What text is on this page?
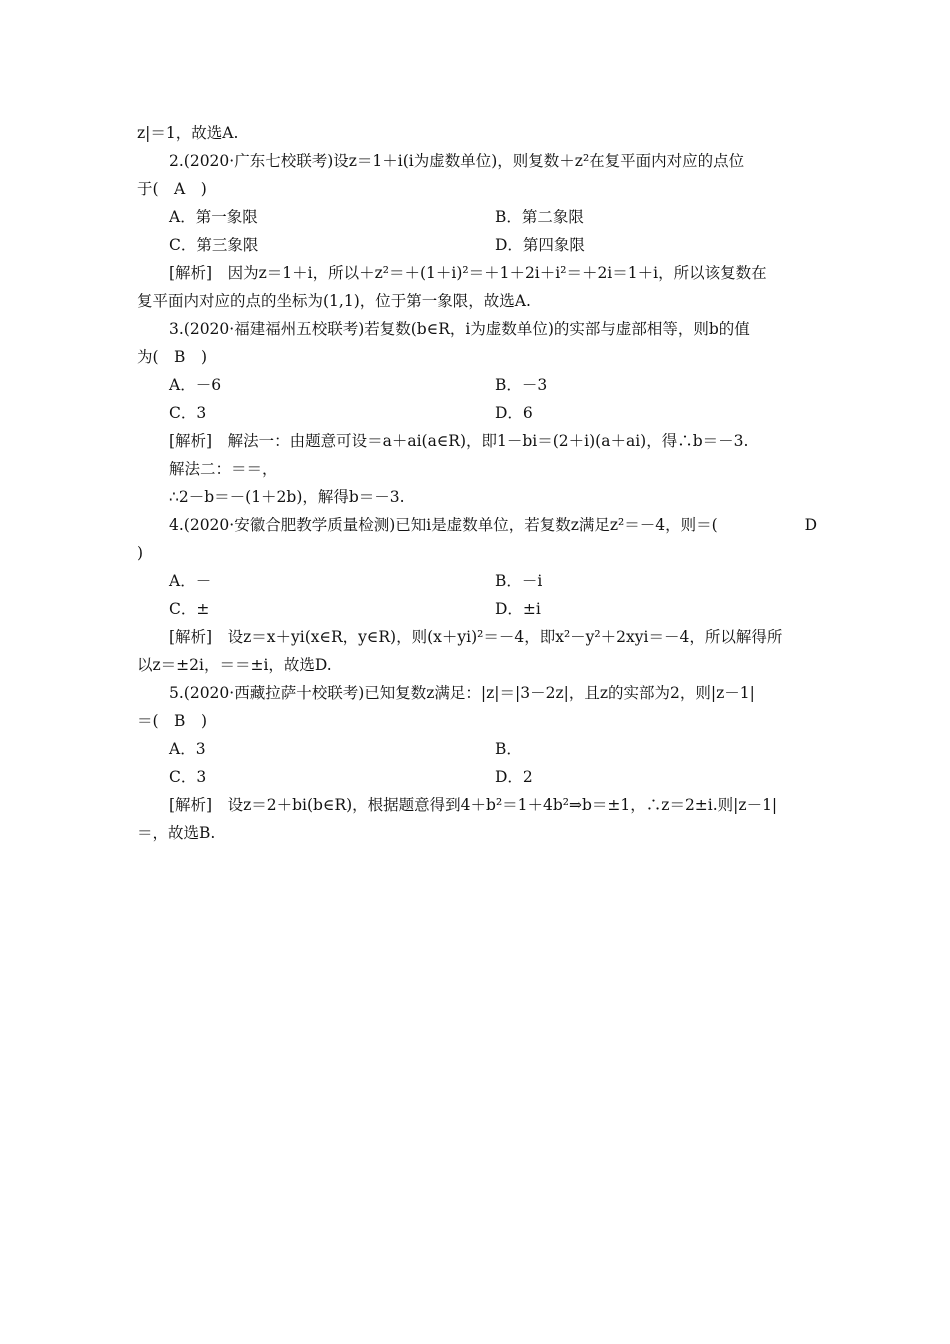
z|＝1，故选A.
2.(2020·广东七校联考)设z＝1＋i(i为虚数单位)，则复数＋z²在复平面内对应的点位
于(　A　)
A．第一象限	B．第二象限
C．第三象限	D．第四象限
[解析]　因为z＝1＋i，所以＋z²＝＋(1＋i)²＝＋1＋2i＋i²＝＋2i＝1＋i，所以该复数在
复平面内对应的点的坐标为(1,1)，位于第一象限，故选A.
3.(2020·福建福州五校联考)若复数(b∈R，i为虚数单位)的实部与虚部相等，则b的值
为(　B　)
A．－6	B．－3
C．3	D．6
[解析]　解法一：由题意可设＝a＋ai(a∈R)，即1－bi＝(2＋i)(a＋ai)，得∴b＝－3.
解法二：＝＝，
∴2－b＝－(1＋2b)，解得b＝－3.
4.(2020·安徽合肥教学质量检测)已知i是虚数单位，若复数z满足z²＝－4，则＝(	D
)
A．－	B．－i
C．±	D．±i
[解析]　设z＝x＋yi(x∈R，y∈R)，则(x＋yi)²＝－4，即x²－y²＋2xyi＝－4，所以解得所
以z＝±2i，＝＝±i，故选D.
5.(2020·西藏拉萨十校联考)已知复数z满足：|z|＝|3－2z|，且z的实部为2，则|z－1|
＝(　B　)
A．3	B．
C．3	D．2
[解析]　设z＝2＋bi(b∈R)，根据题意得到4＋b²＝1＋4b²⇒b＝±1，∴z＝2±i.则|z－1|
＝，故选B.
